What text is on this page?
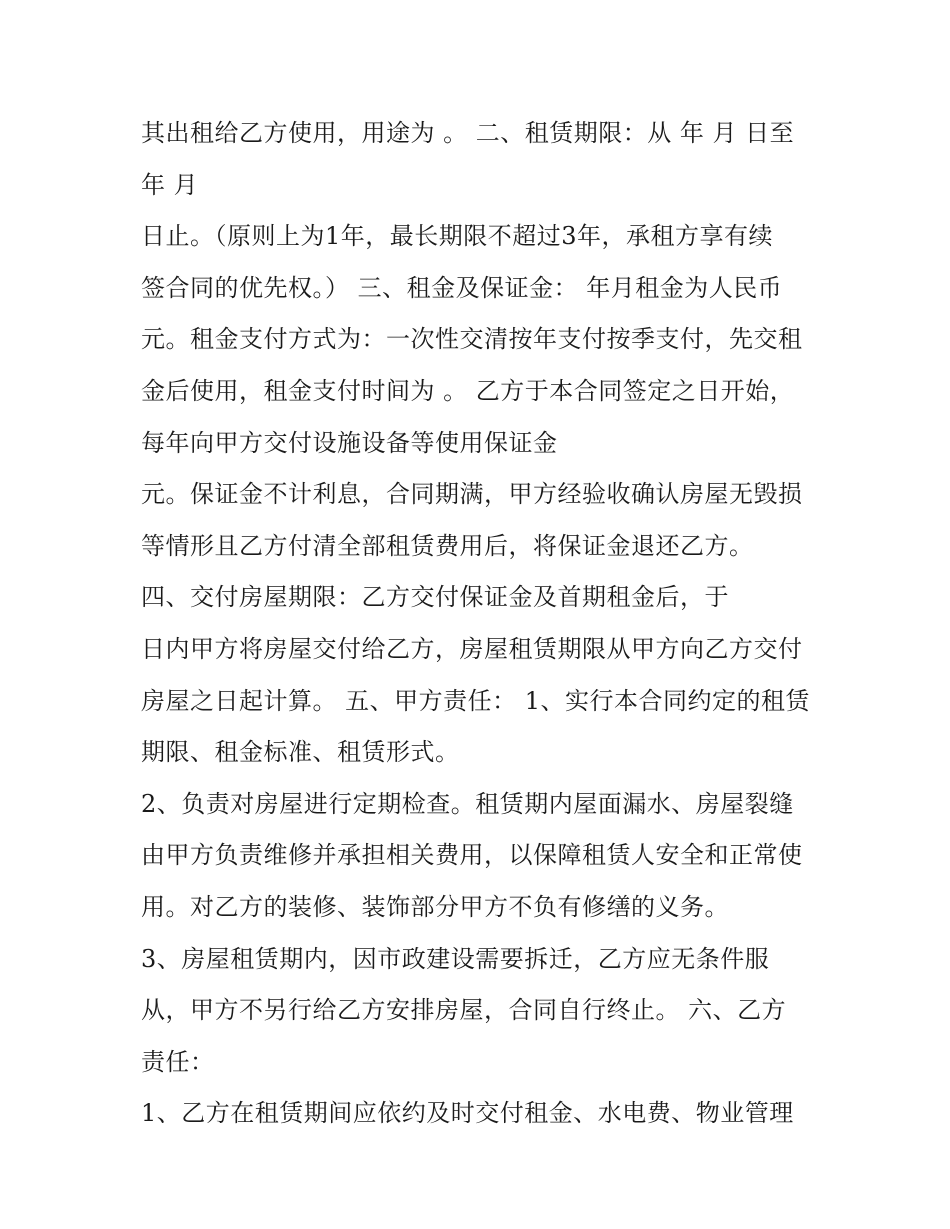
其出租给乙方使用，用途为 。 二、租赁期限：从 年 月 日至
年 月
日止。（原则上为1年，最长期限不超过3年，承租方享有续
签合同的优先权。） 三、租金及保证金： 年月租金为人民币
元。租金支付方式为：一次性交清按年支付按季支付，先交租
金后使用，租金支付时间为 。 乙方于本合同签定之日开始，
每年向甲方交付设施设备等使用保证金
元。保证金不计利息，合同期满，甲方经验收确认房屋无毁损
等情形且乙方付清全部租赁费用后，将保证金退还乙方。
四、交付房屋期限：乙方交付保证金及首期租金后，于
日内甲方将房屋交付给乙方，房屋租赁期限从甲方向乙方交付
房屋之日起计算。 五、甲方责任： 1、实行本合同约定的租赁
期限、租金标准、租赁形式。
2、负责对房屋进行定期检查。租赁期内屋面漏水、房屋裂缝
由甲方负责维修并承担相关费用，以保障租赁人安全和正常使
用。对乙方的装修、装饰部分甲方不负有修缮的义务。
3、房屋租赁期内，因市政建设需要拆迁，乙方应无条件服
从，甲方不另行给乙方安排房屋，合同自行终止。 六、乙方
责任：
1、乙方在租赁期间应依约及时交付租金、水电费、物业管理
